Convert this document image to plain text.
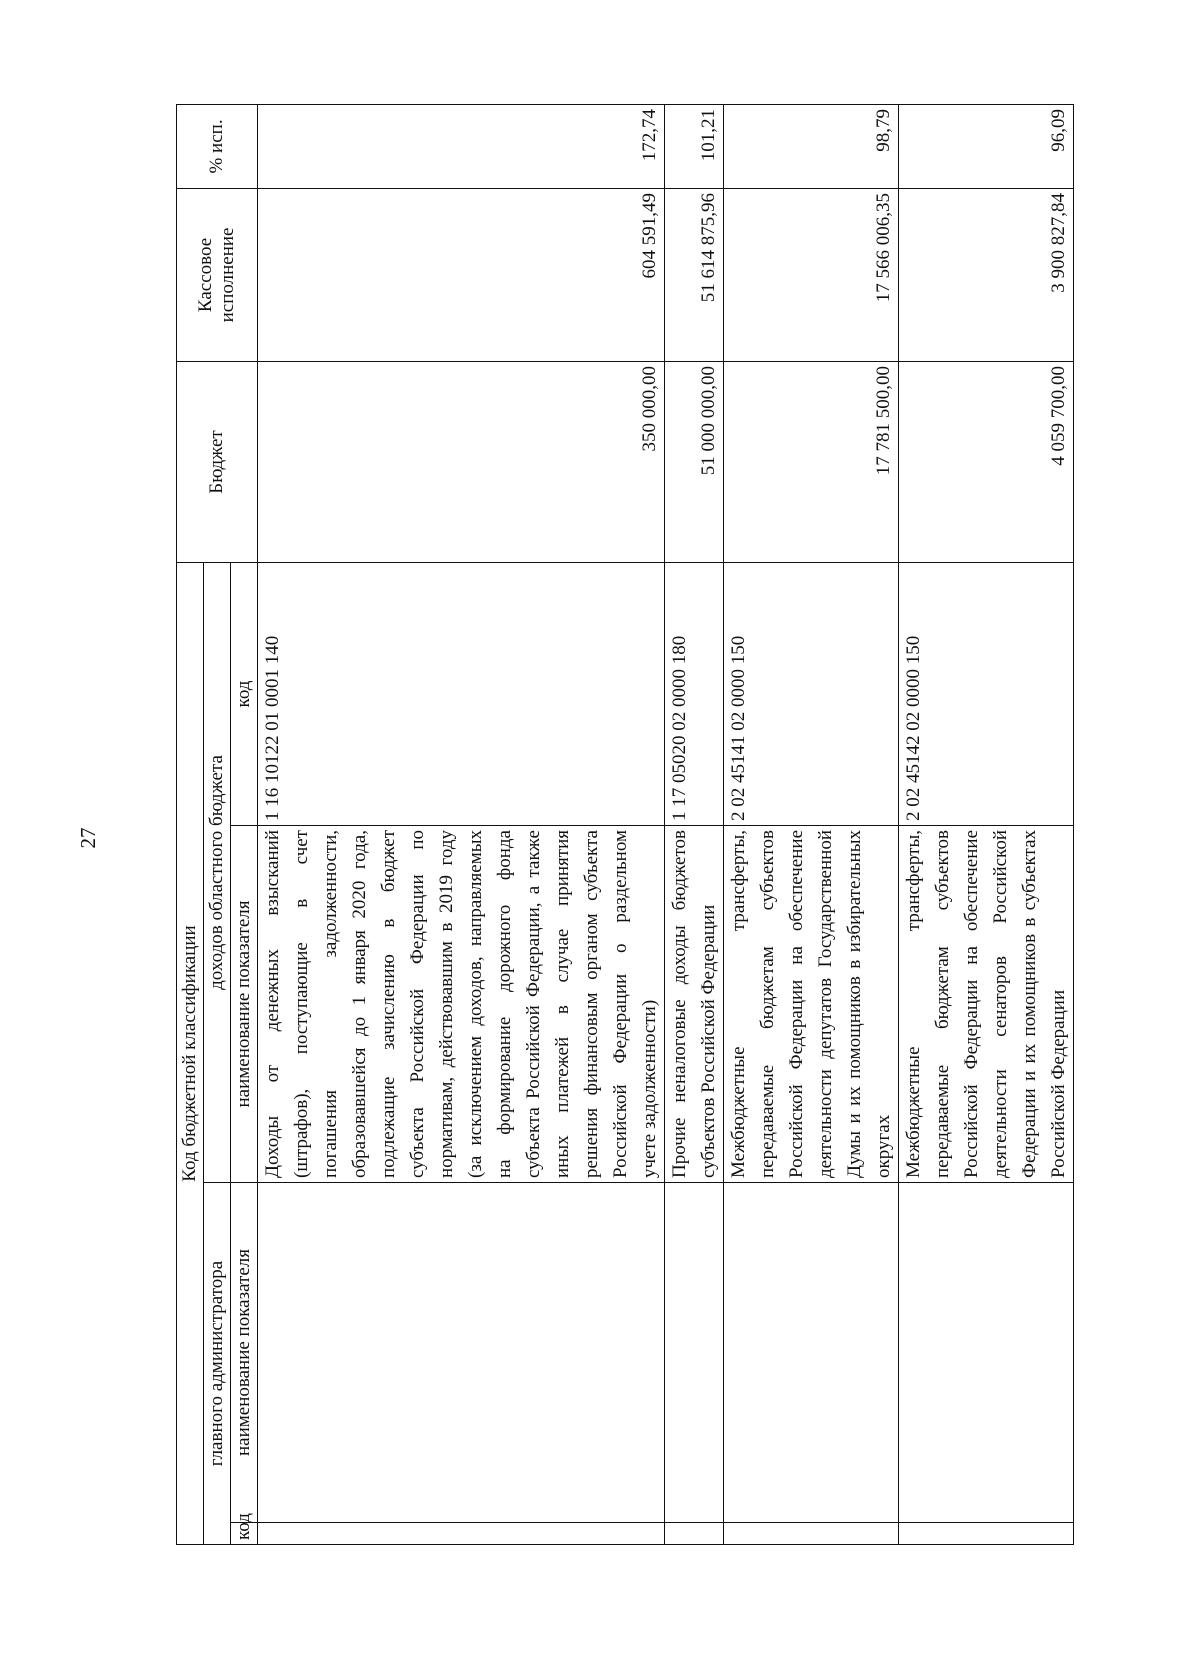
27
Код бюджетной классификации				Бюджет	Кассовое исполнение	% исп.
главного администратора		доходов областного бюджета				
код	наименование показателя	наименование показателя	код			
		Доходы от денежных взысканий (штрафов), поступающие в счет погашения задолженности, образовавшейся до 1 января 2020 года, подлежащие зачислению в бюджет субъекта Российской Федерации по нормативам, действовавшим в 2019 году (за исключением доходов, направляемых на формирование дорожного фонда субъекта Российской Федерации, а также иных платежей в случае принятия решения финансовым органом субъекта Российской Федерации о раздельном учете задолженности)	1 16 10122 01 0001 140	350 000,00	604 591,49	172,74
		Прочие неналоговые доходы бюджетов субъектов Российской Федерации	1 17 05020 02 0000 180	51 000 000,00	51 614 875,96	101,21
		Межбюджетные трансферты, передаваемые бюджетам субъектов Российской Федерации на обеспечение деятельности депутатов Государственной Думы и их помощников в избирательных округах	2 02 45141 02 0000 150	17 781 500,00	17 566 006,35	98,79
		Межбюджетные трансферты, передаваемые бюджетам субъектов Российской Федерации на обеспечение деятельности сенаторов Российской Федерации и их помощников в субъектах Российской Федерации	2 02 45142 02 0000 150	4 059 700,00	3 900 827,84	96,09
